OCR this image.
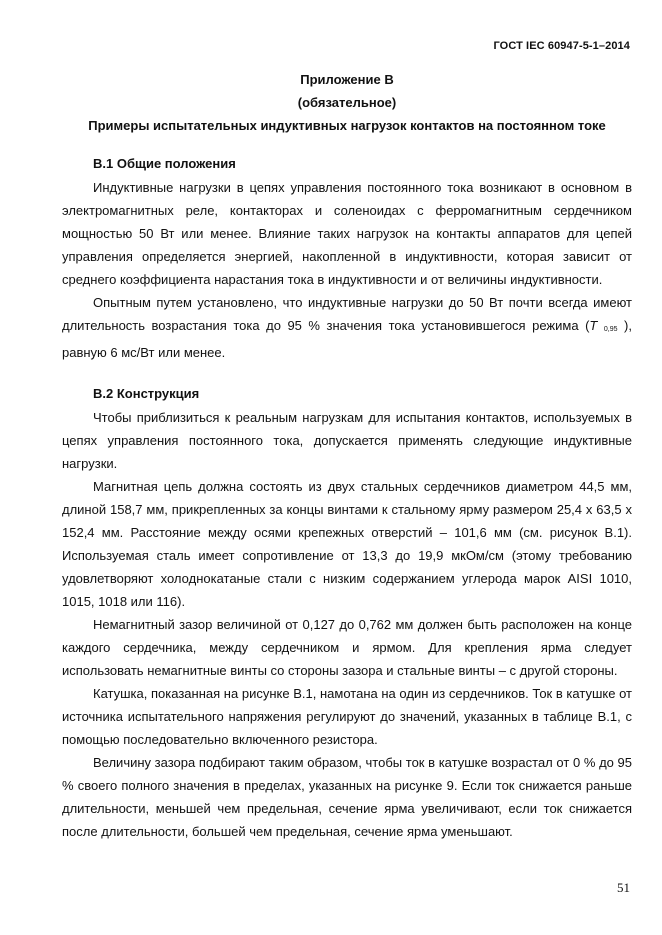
ГОСТ IEC 60947-5-1–2014
Приложение В
(обязательное)
Примеры испытательных индуктивных нагрузок контактов на постоянном токе
В.1 Общие положения
Индуктивные нагрузки в цепях управления постоянного тока возникают в основном в электромагнитных реле, контакторах и соленоидах с ферромагнитным сердечником мощностью 50 Вт или менее. Влияние таких нагрузок на контакты аппаратов для цепей управления определяется энергией, накопленной в индуктивности, которая зависит от среднего коэффициента нарастания тока в индуктивности и от величины индуктивности.
Опытным путем установлено, что индуктивные нагрузки до 50 Вт почти всегда имеют длительность возрастания тока до 95 % значения тока установившегося режима (T 0,95 ), равную 6 мс/Вт или менее.
В.2 Конструкция
Чтобы приблизиться к реальным нагрузкам для испытания контактов, используемых в цепях управления постоянного тока, допускается применять следующие индуктивные нагрузки.
Магнитная цепь должна состоять из двух стальных сердечников диаметром 44,5 мм, длиной 158,7 мм, прикрепленных за концы винтами к стальному ярму размером 25,4 х 63,5 х 152,4 мм. Расстояние между осями крепежных отверстий – 101,6 мм (см. рисунок В.1). Используемая сталь имеет сопротивление от 13,3 до 19,9 мкОм/см (этому требованию удовлетворяют холоднокатаные стали с низким содержанием углерода марок AISI 1010, 1015, 1018 или 116).
Немагнитный зазор величиной от 0,127 до 0,762 мм должен быть расположен на конце каждого сердечника, между сердечником и ярмом. Для крепления ярма следует использовать немагнитные винты со стороны зазора и стальные винты – с другой стороны.
Катушка, показанная на рисунке В.1, намотана на один из сердечников. Ток в катушке от источника испытательного напряжения регулируют до значений, указанных в таблице В.1, с помощью последовательно включенного резистора.
Величину зазора подбирают таким образом, чтобы ток в катушке возрастал от 0 % до 95 % своего полного значения в пределах, указанных на рисунке 9. Если ток снижается раньше длительности, меньшей чем предельная, сечение ярма увеличивают, если ток снижается после длительности, большей чем предельная, сечение ярма уменьшают.
51
